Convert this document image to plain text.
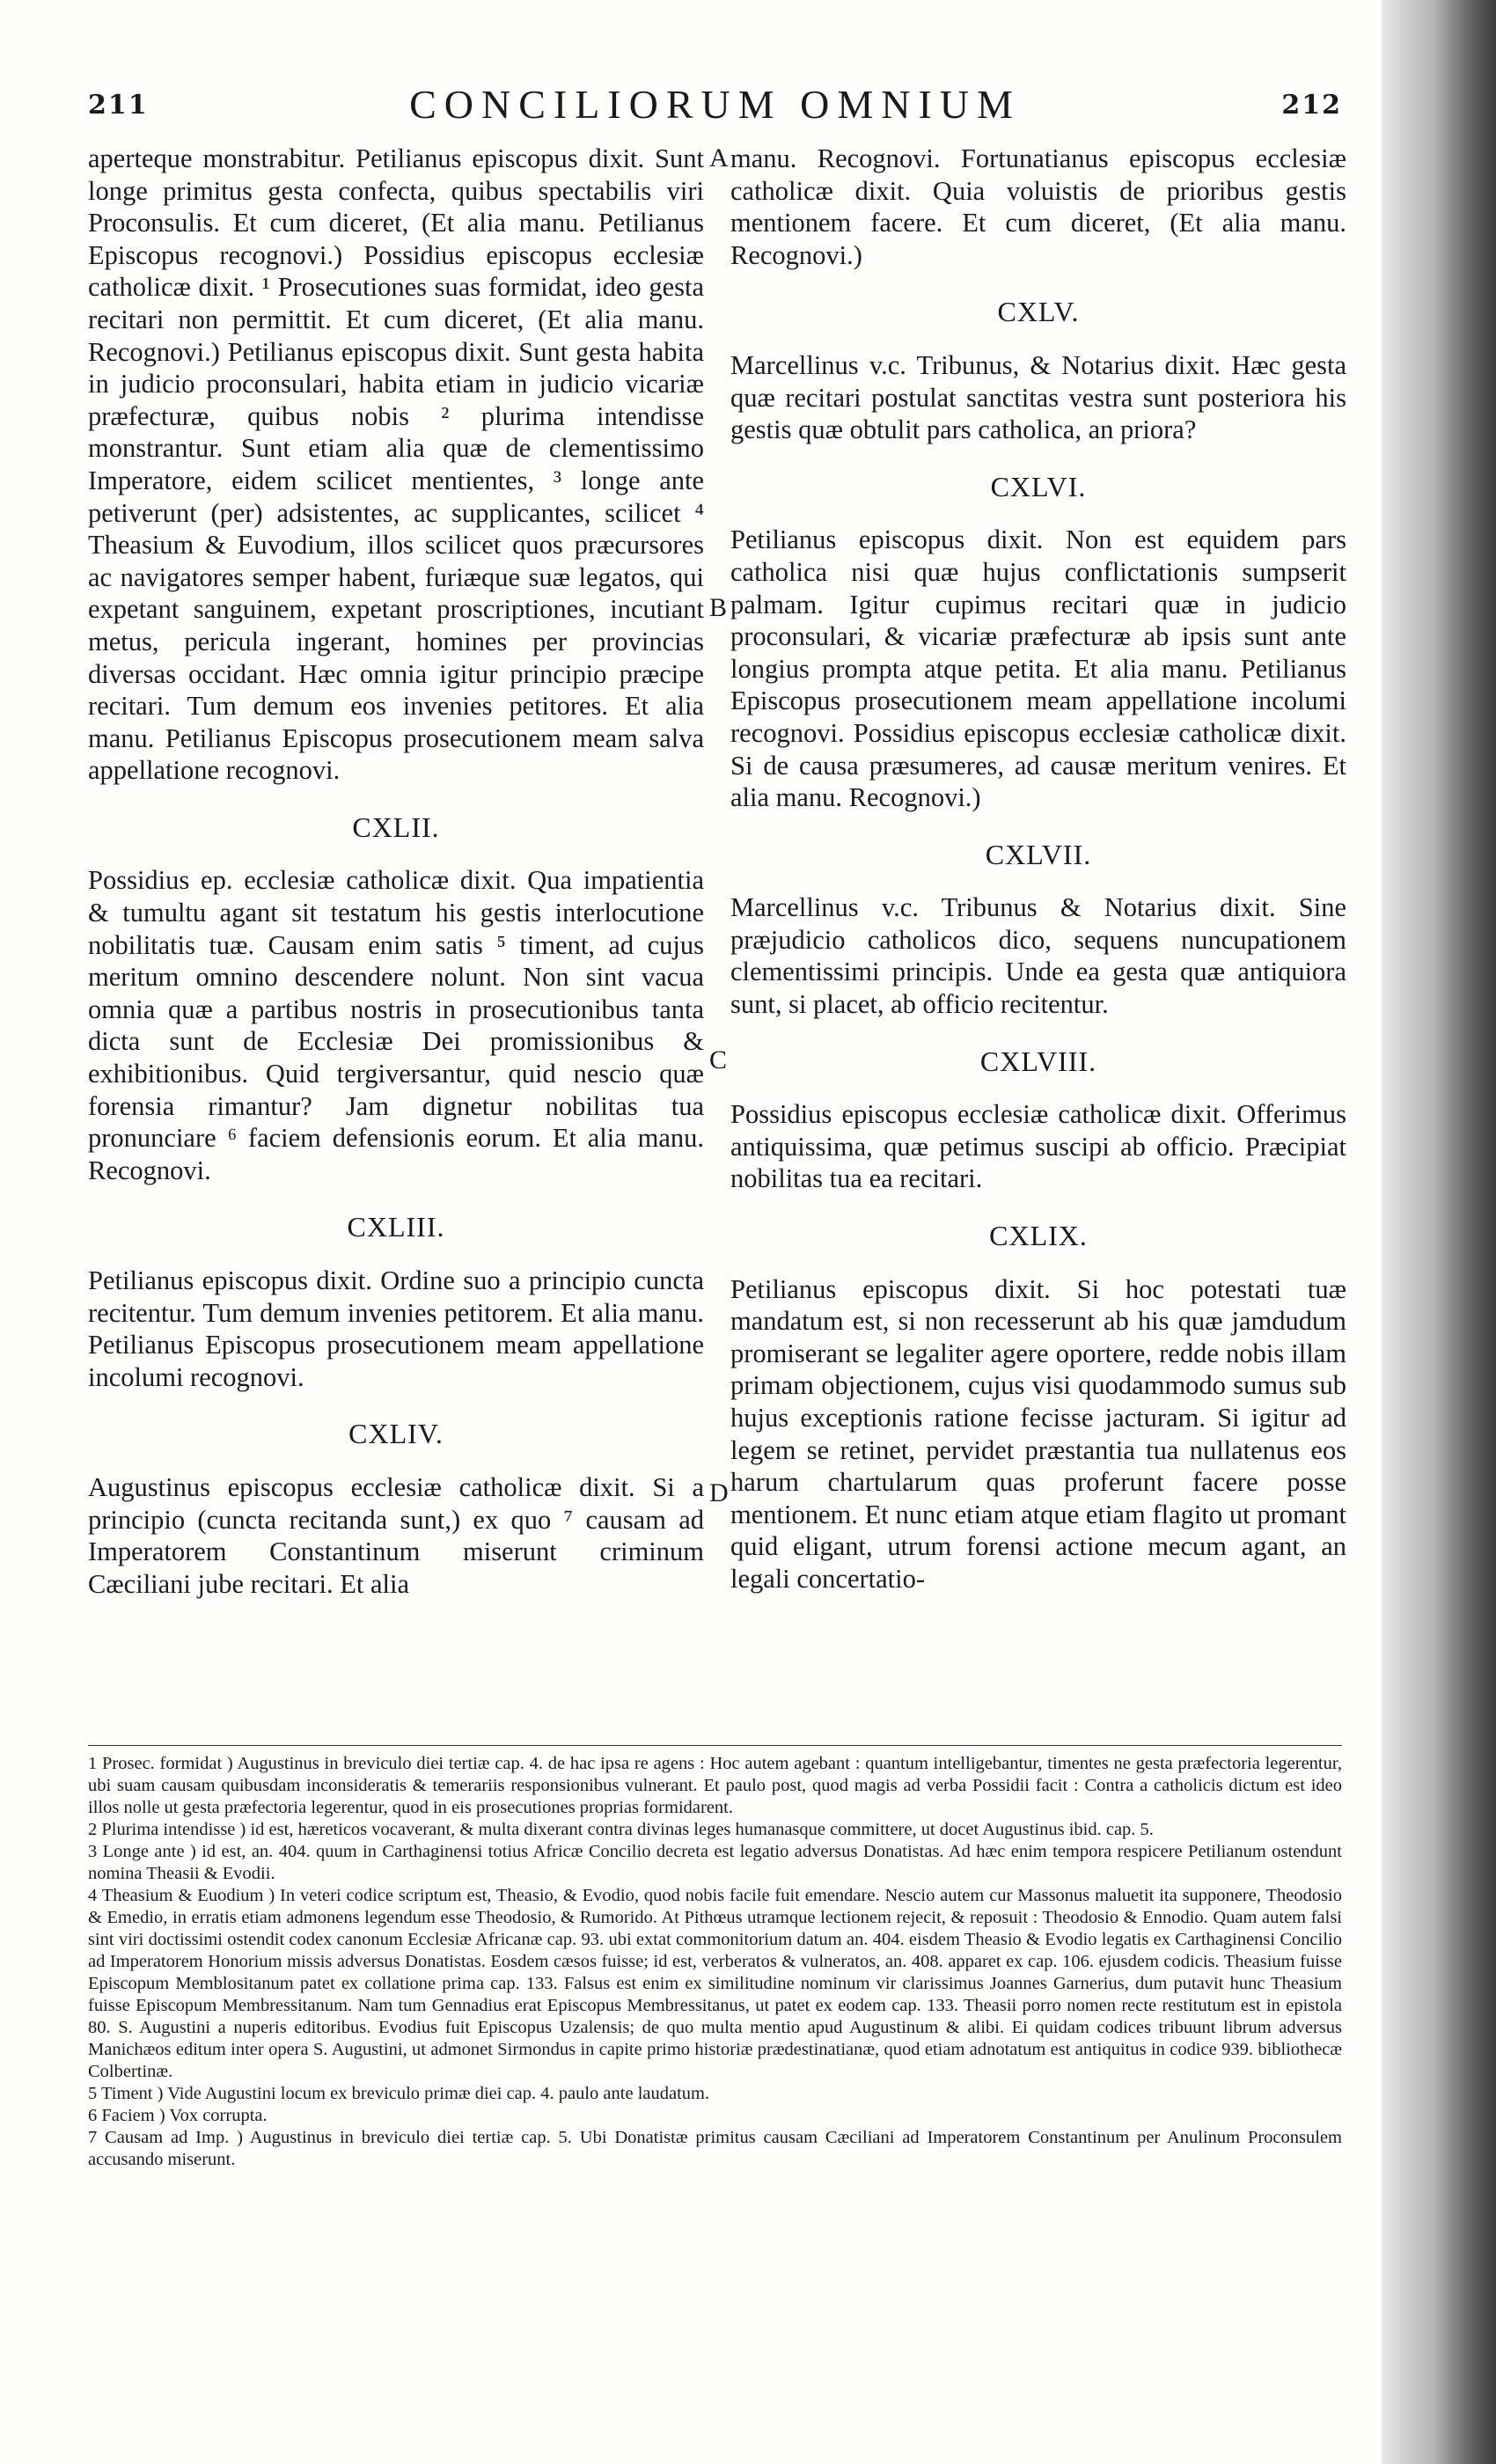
211	CONCILIORUM OMNIUM	212

aperteque monstrabitur. Petilianus episcopus dixit. Sunt longe primitus gesta confecta, quibus spectabilis viri Proconsulis. Et cum diceret, (Et alia manu. Petilianus Episcopus recognovi.) Possidius episcopus ecclesiæ catholicæ dixit. ¹ Prosecutiones suas formidat, ideo gesta recitari non permittit. Et cum diceret, (Et alia manu. Recognovi.) Petilianus episcopus dixit. Sunt gesta habita in judicio proconsulari, habita etiam in judicio vicariæ præfecturæ, quibus nobis ² plurima intendisse monstrantur. Sunt etiam alia quæ de clementissimo Imperatore, eidem scilicet mentientes, ³ longe ante petiverunt (per) adsistentes, ac supplicantes, scilicet ⁴ Theasium & Euvodium, illos scilicet quos præcursores ac navigatores semper habent, furiæque suæ legatos, qui expetant sanguinem, expetant proscriptiones, incutiant metus, pericula ingerant, homines per provincias diversas occidant. Hæc omnia igitur principio præcipe recitari. Tum demum eos invenies petitores. Et alia manu. Petilianus Episcopus prosecutionem meam salva appellatione recognovi.

CXLII.

Possidius ep. ecclesiæ catholicæ dixit. Qua impatientia & tumultu agant sit testatum his gestis interlocutione nobilitatis tuæ. Causam enim satis ⁵ timent, ad cujus meritum omnino descendere nolunt. Non sint vacua omnia quæ a partibus nostris in prosecutionibus tanta dicta sunt de Ecclesiæ Dei promissionibus & exhibitionibus. Quid tergiversantur, quid nescio quæ forensia rimantur? Jam dignetur nobilitas tua pronunciare ⁶ faciem defensionis eorum. Et alia manu. Recognovi.

CXLIII.

Petilianus episcopus dixit. Ordine suo a principio cuncta recitentur. Tum demum invenies petitorem. Et alia manu. Petilianus Episcopus prosecutionem meam appellatione incolumi recognovi.

CXLIV.

Augustinus episcopus ecclesiæ catholicæ dixit. Si a principio (cuncta recitanda sunt,) ex quo ⁷ causam ad Imperatorem Constantinum miserunt criminum Cæciliani jube recitari. Et alia

A
B
C
D

manu. Recognovi. Fortunatianus episcopus ecclesiæ catholicæ dixit. Quia voluistis de prioribus gestis mentionem facere. Et cum diceret, (Et alia manu. Recognovi.)

CXLV.

Marcellinus v.c. Tribunus, & Notarius dixit. Hæc gesta quæ recitari postulat sanctitas vestra sunt posteriora his gestis quæ obtulit pars catholica, an priora?

CXLVI.

Petilianus episcopus dixit. Non est equidem pars catholica nisi quæ hujus conflictationis sumpserit palmam. Igitur cupimus recitari quæ in judicio proconsulari, & vicariæ præfecturæ ab ipsis sunt ante longius prompta atque petita. Et alia manu. Petilianus Episcopus prosecutionem meam appellatione incolumi recognovi. Possidius episcopus ecclesiæ catholicæ dixit. Si de causa præsumeres, ad causæ meritum venires. Et alia manu. Recognovi.)

CXLVII.

Marcellinus v.c. Tribunus & Notarius dixit. Sine præjudicio catholicos dico, sequens nuncupationem clementissimi principis. Unde ea gesta quæ antiquiora sunt, si placet, ab officio recitentur.

CXLVIII.

Possidius episcopus ecclesiæ catholicæ dixit. Offerimus antiquissima, quæ petimus suscipi ab officio. Præcipiat nobilitas tua ea recitari.

CXLIX.

Petilianus episcopus dixit. Si hoc potestati tuæ mandatum est, si non recesserunt ab his quæ jamdudum promiserant se legaliter agere oportere, redde nobis illam primam objectionem, cujus visi quodammodo sumus sub hujus exceptionis ratione fecisse jacturam. Si igitur ad legem se retinet, pervidet præstantia tua nullatenus eos harum chartularum quas proferunt facere posse mentionem. Et nunc etiam atque etiam flagito ut promant quid eligant, utrum forensi actione mecum agant, an legali concertatio-

1 Prosec. formidat ) Augustinus in breviculo diei tertiæ cap. 4. de hac ipsa re agens : Hoc autem agebant : quantum intelligebantur, timentes ne gesta præfectoria legerentur, ubi suam causam quibusdam inconsideratis & temerariis responsionibus vulnerant. Et paulo post, quod magis ad verba Possidii facit : Contra a catholicis dictum est ideo illos nolle ut gesta præfectoria legerentur, quod in eis prosecutiones proprias formidarent.

2 Plurima intendisse ) id est, hæreticos vocaverant, & multa dixerant contra divinas leges humanasque committere, ut docet Augustinus ibid. cap. 5.

3 Longe ante ) id est, an. 404. quum in Carthaginensi totius Africæ Concilio decreta est legatio adversus Donatistas. Ad hæc enim tempora respicere Petilianum ostendunt nomina Theasii & Evodii.

4 Theasium & Euodium ) In veteri codice scriptum est, Theasio, & Evodio, quod nobis facile fuit emendare. Nescio autem cur Massonus maluetit ita supponere, Theodosio & Emedio, in erratis etiam admonens legendum esse Theodosio, & Rumorido. At Pithœus utramque lectionem rejecit, & reposuit : Theodosio & Ennodio. Quam autem falsi sint viri doctissimi ostendit codex canonum Ecclesiæ Africanæ cap. 93. ubi extat commonitorium datum an. 404. eisdem Theasio & Evodio legatis ex Carthaginensi Concilio ad Imperatorem Honorium missis adversus Donatistas. Eosdem cæsos fuisse; id est, verberatos & vulneratos, an. 408. apparet ex cap. 106. ejusdem codicis. Theasium fuisse Episcopum Memblositanum patet ex collatione prima cap. 133. Falsus est enim ex similitudine nominum vir clarissimus Joannes Garnerius, dum putavit hunc Theasium fuisse Episcopum Membressitanum. Nam tum Gennadius erat Episcopus Membressitanus, ut patet ex eodem cap. 133. Theasii porro nomen recte restitutum est in epistola 80. S. Augustini a nuperis editoribus. Evodius fuit Episcopus Uzalensis; de quo multa mentio apud Augustinum & alibi. Ei quidam codices tribuunt librum adversus Manichæos editum inter opera S. Augustini, ut admonet Sirmondus in capite primo historiæ prædestinatianæ, quod etiam adnotatum est antiquitus in codice 939. bibliothecæ Colbertinæ.

5 Timent ) Vide Augustini locum ex breviculo primæ diei cap. 4. paulo ante laudatum.

6 Faciem ) Vox corrupta.

7 Causam ad Imp. ) Augustinus in breviculo diei tertiæ cap. 5. Ubi Donatistæ primitus causam Cæciliani ad Imperatorem Constantinum per Anulinum Proconsulem accusando miserunt.
